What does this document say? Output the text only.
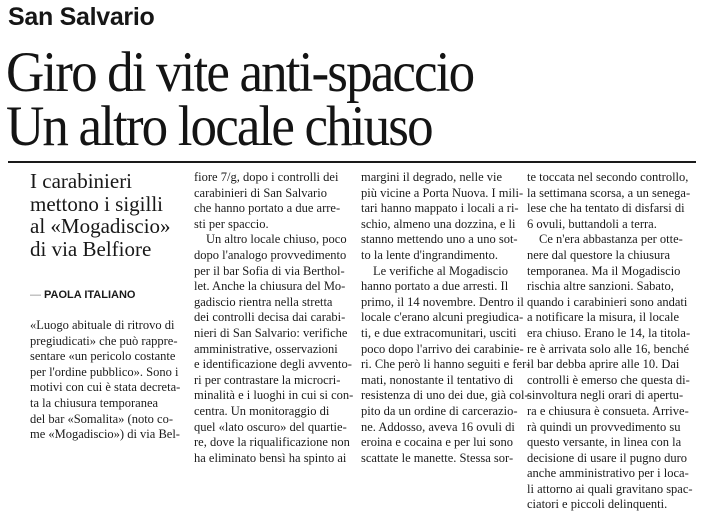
San Salvario
Giro di vite anti-spaccio
Un altro locale chiuso
I carabinieri
mettono i sigilli
al «Mogadiscio»
di via Belfiore
— PAOLA ITALIANO
«Luogo abituale di ritrovo di
pregiudicati» che può rappre-
sentare «un pericolo costante
per l'ordine pubblico». Sono i
motivi con cui è stata decreta-
ta la chiusura temporanea
del bar «Somalita» (noto co-
me «Mogadiscio») di via Bel-
fiore 7/g, dopo i controlli dei
carabinieri di San Salvario
che hanno portato a due arre-
sti per spaccio.
Un altro locale chiuso, poco
dopo l'analogo provvedimento
per il bar Sofia di via Berthol-
let. Anche la chiusura del Mo-
gadiscio rientra nella stretta
dei controlli decisa dai carabi-
nieri di San Salvario: verifiche
amministrative, osservazioni
e identificazione degli avvento-
ri per contrastare la microcri-
minalità e i luoghi in cui si con-
centra. Un monitoraggio di
quel «lato oscuro» del quartie-
re, dove la riqualificazione non
ha eliminato bensì ha spinto ai
margini il degrado, nelle vie
più vicine a Porta Nuova. I mili-
tari hanno mappato i locali a ri-
schio, almeno una dozzina, e li
stanno mettendo uno a uno sot-
to la lente d'ingrandimento.
Le verifiche al Mogadiscio
hanno portato a due arresti. Il
primo, il 14 novembre. Dentro il
locale c'erano alcuni pregiudica-
ti, e due extracomunitari, usciti
poco dopo l'arrivo dei carabinie-
ri. Che però li hanno seguiti e fer-
mati, nonostante il tentativo di
resistenza di uno dei due, già col-
pito da un ordine di carcerazio-
ne. Addosso, aveva 16 ovuli di
eroina e cocaina e per lui sono
scattate le manette. Stessa sor-
te toccata nel secondo controllo,
la settimana scorsa, a un senega-
lese che ha tentato di disfarsi di
6 ovuli, buttandoli a terra.
Ce n'era abbastanza per otte-
nere dal questore la chiusura
temporanea. Ma il Mogadiscio
rischia altre sanzioni. Sabato,
quando i carabinieri sono andati
a notificare la misura, il locale
era chiuso. Erano le 14, la titola-
re è arrivata solo alle 16, benché
il bar debba aprire alle 10. Dai
controlli è emerso che questa di-
sinvoltura negli orari di apertu-
ra e chiusura è consueta. Arrive-
rà quindi un provvedimento su
questo versante, in linea con la
decisione di usare il pugno duro
anche amministrativo per i loca-
li attorno ai quali gravitano spac-
ciatori e piccoli delinquenti.
